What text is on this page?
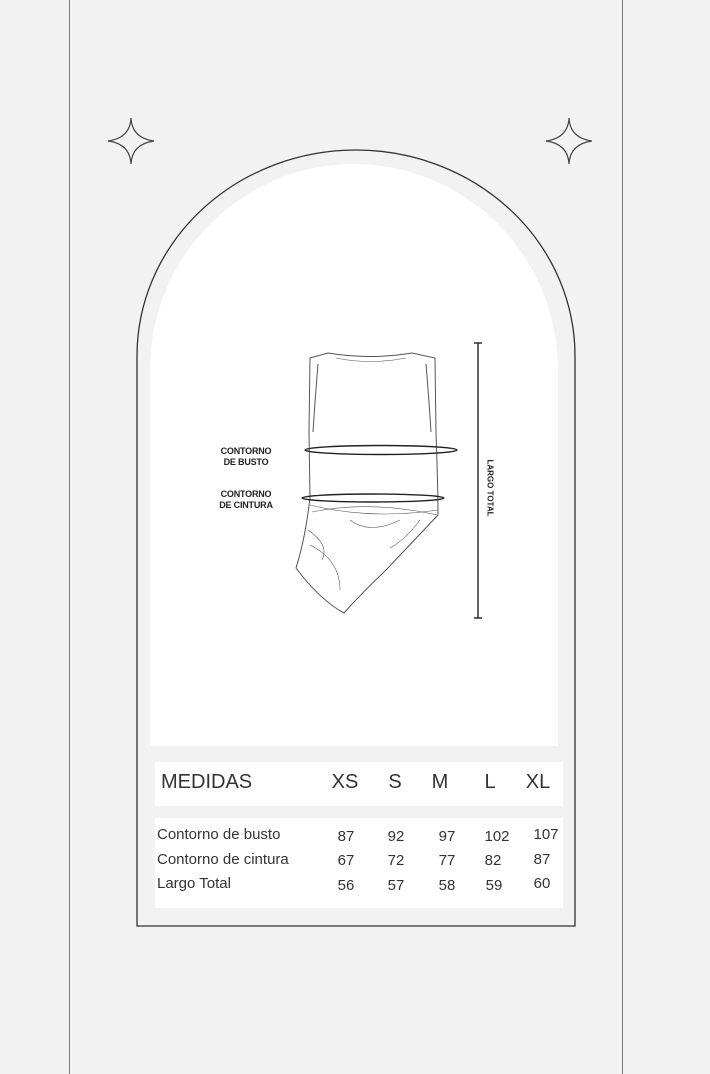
CONTORNO
DE BUSTO
CONTORNO
DE CINTURA	LARGO TOTAL
MEDIDAS	XS S M L XL
Contorno de busto	87 92 97 102 107
Contorno de cintura	67 72 77 82 87
Largo Total	56 57 58 59 60
